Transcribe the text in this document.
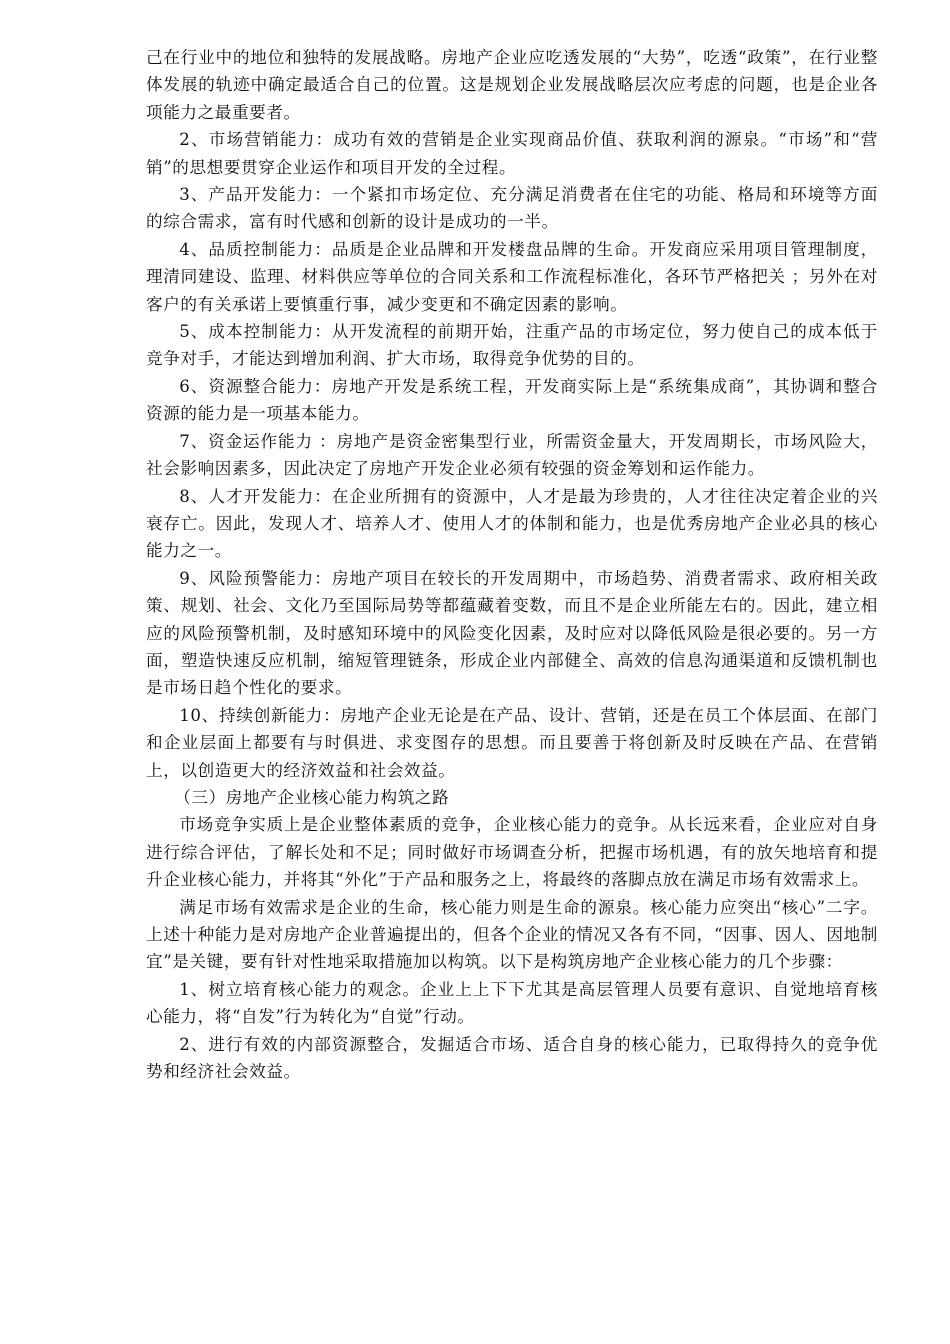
己在行业中的地位和独特的发展战略。房地产企业应吃透发展的“大势”，吃透“政策”，在行业整体发展的轨迹中确定最适合自己的位置。这是规划企业发展战略层次应考虑的问题，也是企业各项能力之最重要者。

2、市场营销能力：成功有效的营销是企业实现商品价值、获取利润的源泉。“市场”和“营销”的思想要贯穿企业运作和项目开发的全过程。

3、产品开发能力：一个紧扣市场定位、充分满足消费者在住宅的功能、格局和环境等方面的综合需求，富有时代感和创新的设计是成功的一半。

4、品质控制能力：品质是企业品牌和开发楼盘品牌的生命。开发商应采用项目管理制度，理清同建设、监理、材料供应等单位的合同关系和工作流程标准化，各环节严格把关 ；另外在对客户的有关承诺上要慎重行事，减少变更和不确定因素的影响。

5、成本控制能力：从开发流程的前期开始，注重产品的市场定位，努力使自己的成本低于竞争对手，才能达到增加利润、扩大市场，取得竞争优势的目的。

6、资源整合能力：房地产开发是系统工程，开发商实际上是“系统集成商”，其协调和整合资源的能力是一项基本能力。

7、资金运作能力 ：房地产是资金密集型行业，所需资金量大，开发周期长，市场风险大，社会影响因素多，因此决定了房地产开发企业必须有较强的资金筹划和运作能力。

8、人才开发能力：在企业所拥有的资源中，人才是最为珍贵的，人才往往决定着企业的兴衰存亡。因此，发现人才、培养人才、使用人才的体制和能力，也是优秀房地产企业必具的核心能力之一。

9、风险预警能力：房地产项目在较长的开发周期中，市场趋势、消费者需求、政府相关政策、规划、社会、文化乃至国际局势等都蕴藏着变数，而且不是企业所能左右的。因此，建立相应的风险预警机制，及时感知环境中的风险变化因素，及时应对以降低风险是很必要的。另一方面，塑造快速反应机制，缩短管理链条，形成企业内部健全、高效的信息沟通渠道和反馈机制也是市场日趋个性化的要求。

10、持续创新能力：房地产企业无论是在产品、设计、营销，还是在员工个体层面、在部门和企业层面上都要有与时俱进、求变图存的思想。而且要善于将创新及时反映在产品、在营销上，以创造更大的经济效益和社会效益。

（三）房地产企业核心能力构筑之路

市场竞争实质上是企业整体素质的竞争，企业核心能力的竞争。从长远来看，企业应对自身进行综合评估，了解长处和不足；同时做好市场调查分析，把握市场机遇，有的放矢地培育和提升企业核心能力，并将其“外化”于产品和服务之上，将最终的落脚点放在满足市场有效需求上。

满足市场有效需求是企业的生命，核心能力则是生命的源泉。核心能力应突出“核心”二字。上述十种能力是对房地产企业普遍提出的，但各个企业的情况又各有不同，“因事、因人、因地制宜”是关键，要有针对性地采取措施加以构筑。以下是构筑房地产企业核心能力的几个步骤：

1、树立培育核心能力的观念。企业上上下下尤其是高层管理人员要有意识、自觉地培育核心能力，将“自发”行为转化为“自觉”行动。

2、进行有效的内部资源整合，发掘适合市场、适合自身的核心能力，已取得持久的竞争优势和经济社会效益。
